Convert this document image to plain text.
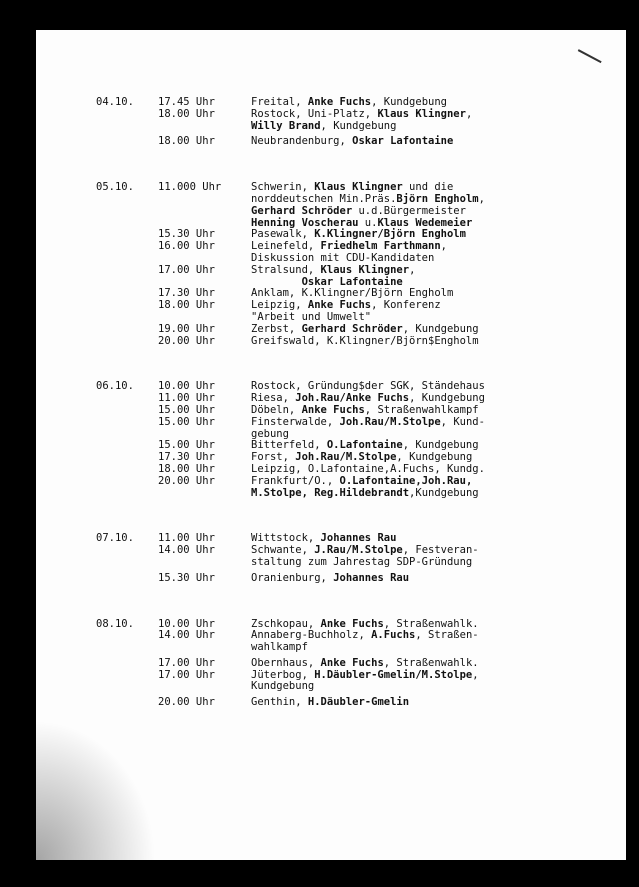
04.10.	17.45 Uhr	Freital, Anke Fuchs, Kundgebung
18.00 Uhr	Rostock, Uni-Platz, Klaus Klingner,
Willy Brand, Kundgebung
18.00 Uhr	Neubrandenburg, Oskar Lafontaine
05.10.	11.000 Uhr	Schwerin, Klaus Klingner und die
norddeutschen Min.Präs.Björn Engholm,
Gerhard Schröder u.d.Bürgermeister
Henning Voscherau u.Klaus Wedemeier
15.30 Uhr	Pasewalk, K.Klingner/Björn Engholm
16.00 Uhr	Leinefeld, Friedhelm Farthmann,
Diskussion mit CDU-Kandidaten
17.00 Uhr	Stralsund, Klaus Klingner,
Oskar Lafontaine
17.30 Uhr	Anklam, K.Klingner/Björn Engholm
18.00 Uhr	Leipzig, Anke Fuchs, Konferenz
"Arbeit und Umwelt"
19.00 Uhr	Zerbst, Gerhard Schröder, Kundgebung
20.00 Uhr	Greifswald, K.Klingner/Björn$Engholm
06.10.	10.00 Uhr	Rostock, Gründung$der SGK, Ständehaus
11.00 Uhr	Riesa, Joh.Rau/Anke Fuchs, Kundgebung
15.00 Uhr	Döbeln, Anke Fuchs, Straßenwahlkampf
15.00 Uhr	Finsterwalde, Joh.Rau/M.Stolpe, Kund-
gebung
15.00 Uhr	Bitterfeld, O.Lafontaine, Kundgebung
17.30 Uhr	Forst, Joh.Rau/M.Stolpe, Kundgebung
18.00 Uhr	Leipzig, O.Lafontaine,A.Fuchs, Kundg.
20.00 Uhr	Frankfurt/O., O.Lafontaine,Joh.Rau,
M.Stolpe, Reg.Hildebrandt,Kundgebung
07.10.	11.00 Uhr	Wittstock, Johannes Rau
14.00 Uhr	Schwante, J.Rau/M.Stolpe, Festveran-
staltung zum Jahrestag SDP-Gründung
15.30 Uhr	Oranienburg, Johannes Rau
08.10.	10.00 Uhr	Zschkopau, Anke Fuchs, Straßenwahlk.
14.00 Uhr	Annaberg-Buchholz, A.Fuchs, Straßen-
wahlkampf
17.00 Uhr	Obernhaus, Anke Fuchs, Straßenwahlk.
17.00 Uhr	Jüterbog, H.Däubler-Gmelin/M.Stolpe,
Kundgebung
20.00 Uhr	Genthin, H.Däubler-Gmelin
